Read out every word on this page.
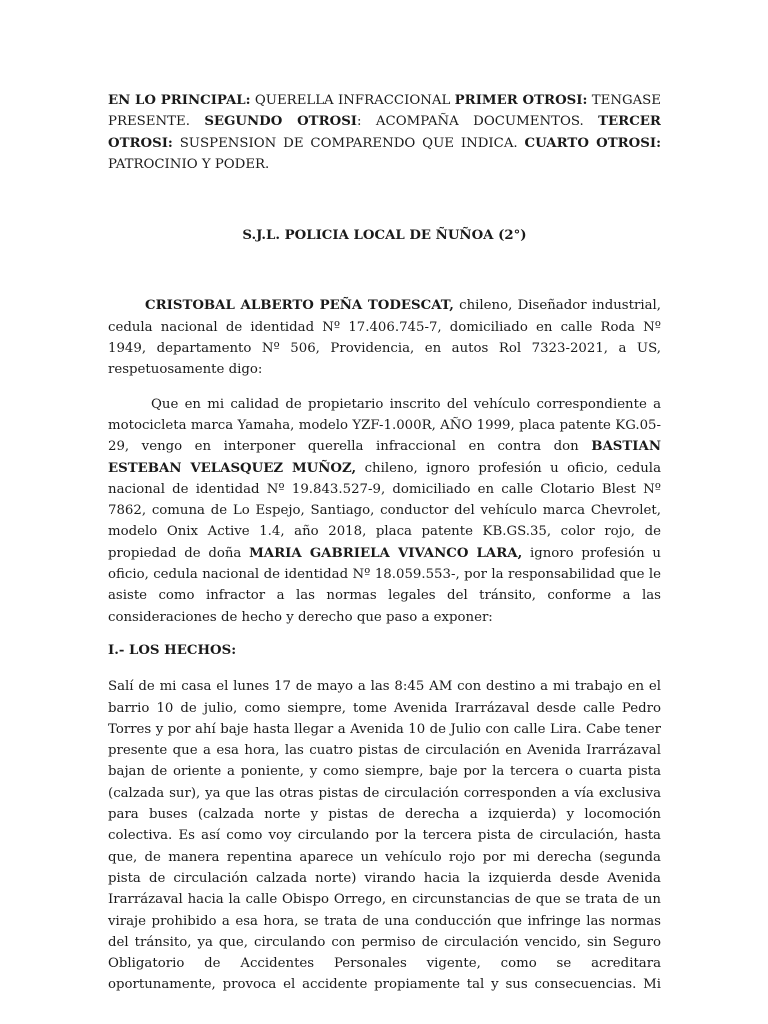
EN LO PRINCIPAL: QUERELLA INFRACCIONAL PRIMER OTROSI: TENGASE PRESENTE. SEGUNDO OTROSI: ACOMPAÑA DOCUMENTOS. TERCER OTROSI: SUSPENSION DE COMPARENDO QUE INDICA. CUARTO OTROSI: PATROCINIO Y PODER.

S.J.L. POLICIA LOCAL DE ÑUÑOA (2°)

CRISTOBAL ALBERTO PEÑA TODESCAT, chileno, Diseñador industrial, cedula nacional de identidad Nº 17.406.745-7, domiciliado en calle Roda Nº 1949, departamento Nº 506, Providencia, en autos Rol 7323-2021, a US, respetuosamente digo:

Que en mi calidad de propietario inscrito del vehículo correspondiente a motocicleta marca Yamaha, modelo YZF-1.000R, AÑO 1999, placa patente KG.05-29, vengo en interponer querella infraccional en contra don BASTIAN ESTEBAN VELASQUEZ MUÑOZ, chileno, ignoro profesión u oficio, cedula nacional de identidad Nº 19.843.527-9, domiciliado en calle Clotario Blest Nº 7862, comuna de Lo Espejo, Santiago, conductor del vehículo marca Chevrolet, modelo Onix Active 1.4, año 2018, placa patente KB.GS.35, color rojo, de propiedad de doña MARIA GABRIELA VIVANCO LARA, ignoro profesión u oficio, cedula nacional de identidad Nº 18.059.553-, por la responsabilidad que le asiste como infractor a las normas legales del tránsito, conforme a las consideraciones de hecho y derecho que paso a exponer:

I.- LOS HECHOS:

Salí de mi casa el lunes 17 de mayo a las 8:45 AM con destino a mi trabajo en el barrio 10 de julio, como siempre, tome Avenida Irarrázaval desde calle Pedro Torres y por ahí baje hasta llegar a Avenida 10 de Julio con calle Lira. Cabe tener presente que a esa hora, las cuatro pistas de circulación en Avenida Irarrázaval bajan de oriente a poniente, y como siempre, baje por la tercera o cuarta pista (calzada sur), ya que las otras pistas de circulación corresponden a vía exclusiva para buses (calzada norte y pistas de derecha a izquierda) y locomoción colectiva. Es así como voy circulando por la tercera pista de circulación, hasta que, de manera repentina aparece un vehículo rojo por mi derecha (segunda pista de circulación calzada norte) virando hacia la izquierda desde Avenida Irarrázaval hacia la calle Obispo Orrego, en circunstancias de que se trata de un viraje prohibido a esa hora, se trata de una conducción que infringe las normas del tránsito, ya que, circulando con permiso de circulación vencido, sin Seguro Obligatorio de Accidentes Personales vigente, como se acreditara oportunamente, provoca el accidente propiamente tal y sus consecuencias. Mi
